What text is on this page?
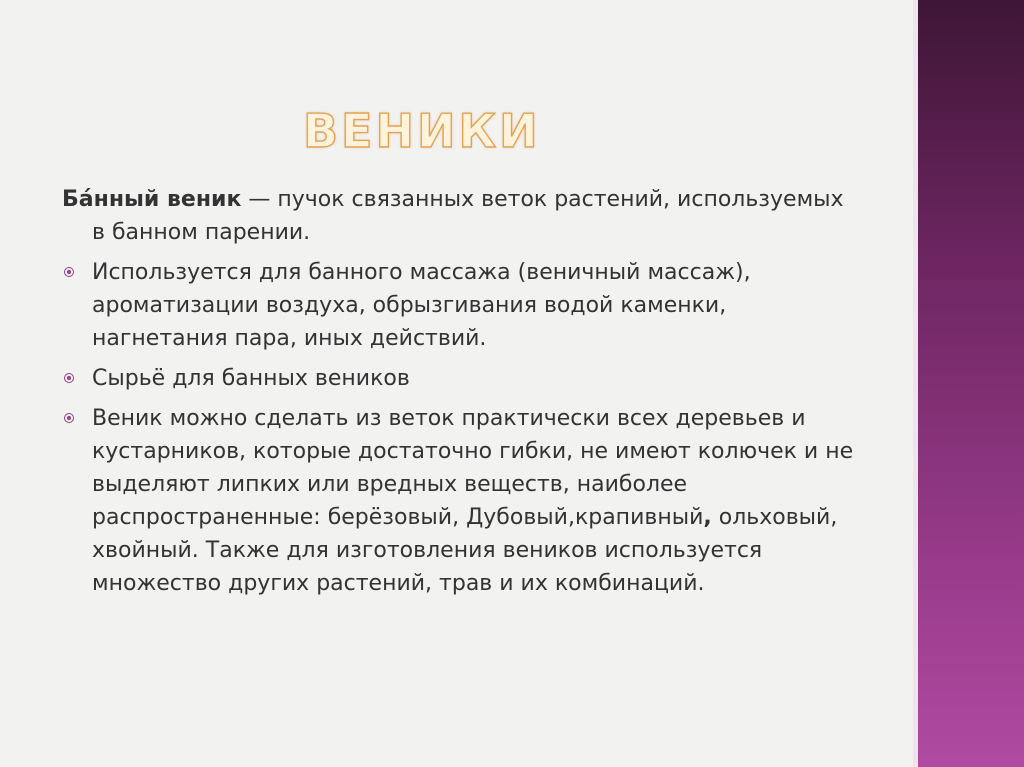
ВЕНИКИ

Ба́нный веник — пучок связанных веток растений, используемых в банном парении.

Используется для банного массажа (веничный массаж), ароматизации воздуха, обрызгивания водой каменки, нагнетания пара, иных действий.

Сырьё для банных веников

Веник можно сделать из веток практически всех деревьев и кустарников, которые достаточно гибки, не имеют колючек и не выделяют липких или вредных веществ, наиболее распространенные: берёзовый, Дубовый,крапивный, ольховый, хвойный. Также для изготовления веников используется множество других растений, трав и их комбинаций.
